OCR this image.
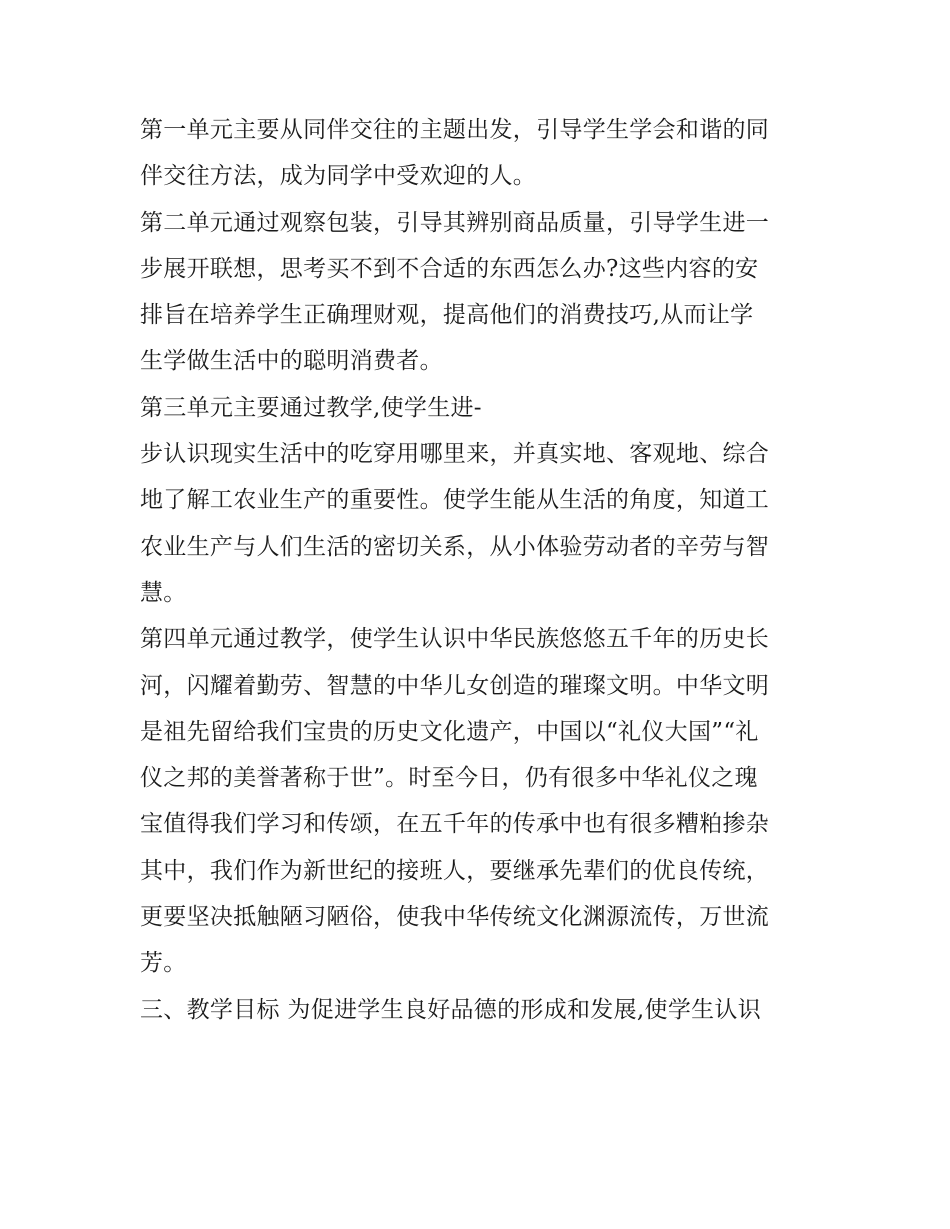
第一单元主要从同伴交往的主题出发，引导学生学会和谐的同
伴交往方法，成为同学中受欢迎的人。
第二单元通过观察包装，引导其辨别商品质量，引导学生进一
步展开联想，思考买不到不合适的东西怎么办?这些内容的安
排旨在培养学生正确理财观，提高他们的消费技巧,从而让学
生学做生活中的聪明消费者。
第三单元主要通过教学,使学生进-
步认识现实生活中的吃穿用哪里来，并真实地、客观地、综合
地了解工农业生产的重要性。使学生能从生活的角度，知道工
农业生产与人们生活的密切关系，从小体验劳动者的辛劳与智
慧。
第四单元通过教学，使学生认识中华民族悠悠五千年的历史长
河，闪耀着勤劳、智慧的中华儿女创造的璀璨文明。中华文明
是祖先留给我们宝贵的历史文化遗产，中国以“礼仪大国”“礼
仪之邦的美誉著称于世”。时至今日，仍有很多中华礼仪之瑰
宝值得我们学习和传颂，在五千年的传承中也有很多糟粕掺杂
其中，我们作为新世纪的接班人，要继承先辈们的优良传统，
更要坚决抵触陋习陋俗，使我中华传统文化渊源流传，万世流
芳。
三、教学目标 为促进学生良好品德的形成和发展,使学生认识
